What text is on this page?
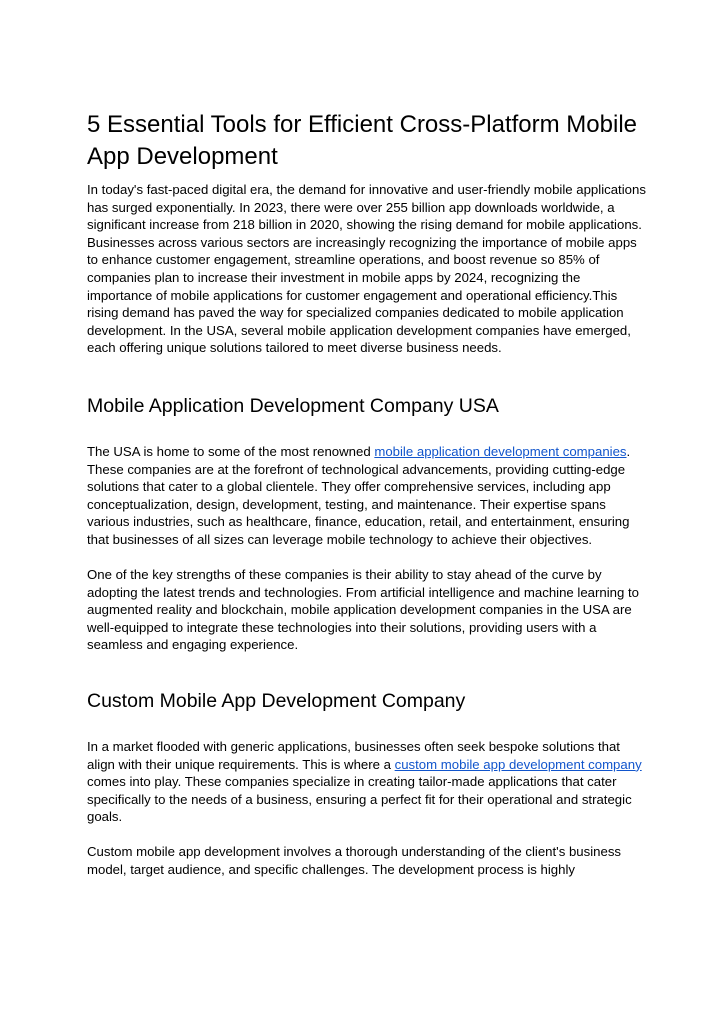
5 Essential Tools for Efficient Cross-Platform Mobile App Development

In today's fast-paced digital era, the demand for innovative and user-friendly mobile applications has surged exponentially. In 2023, there were over 255 billion app downloads worldwide, a significant increase from 218 billion in 2020, showing the rising demand for mobile applications. Businesses across various sectors are increasingly recognizing the importance of mobile apps to enhance customer engagement, streamline operations, and boost revenue so 85% of companies plan to increase their investment in mobile apps by 2024, recognizing the importance of mobile applications for customer engagement and operational efficiency.This rising demand has paved the way for specialized companies dedicated to mobile application development. In the USA, several mobile application development companies have emerged, each offering unique solutions tailored to meet diverse business needs.

Mobile Application Development Company USA

The USA is home to some of the most renowned mobile application development companies. These companies are at the forefront of technological advancements, providing cutting-edge solutions that cater to a global clientele. They offer comprehensive services, including app conceptualization, design, development, testing, and maintenance. Their expertise spans various industries, such as healthcare, finance, education, retail, and entertainment, ensuring that businesses of all sizes can leverage mobile technology to achieve their objectives.

One of the key strengths of these companies is their ability to stay ahead of the curve by adopting the latest trends and technologies. From artificial intelligence and machine learning to augmented reality and blockchain, mobile application development companies in the USA are well-equipped to integrate these technologies into their solutions, providing users with a seamless and engaging experience.

Custom Mobile App Development Company

In a market flooded with generic applications, businesses often seek bespoke solutions that align with their unique requirements. This is where a custom mobile app development company comes into play. These companies specialize in creating tailor-made applications that cater specifically to the needs of a business, ensuring a perfect fit for their operational and strategic goals.

Custom mobile app development involves a thorough understanding of the client's business model, target audience, and specific challenges. The development process is highly
